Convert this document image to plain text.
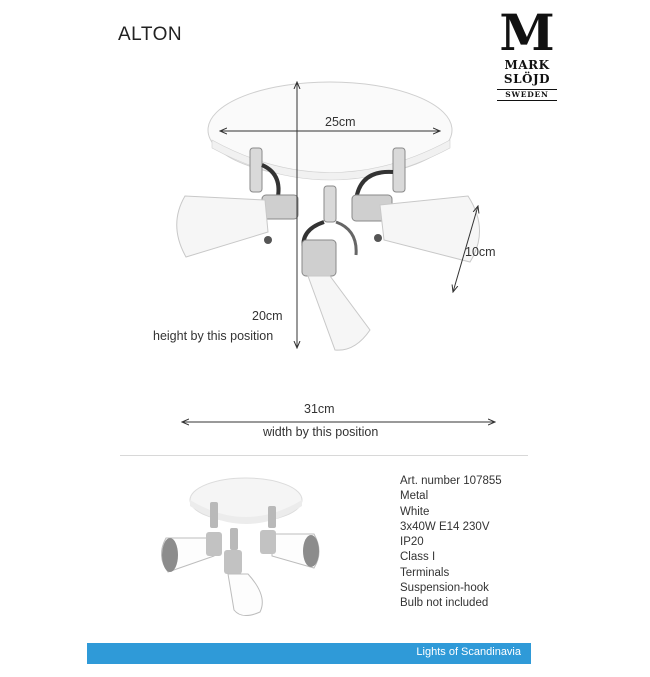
ALTON	M
MARK
SLÖJD
SWEDEN
25cm
10cm
20cm
height by this position
31cm
width by this position
Art. number 107855
Metal
White
3x40W E14 230V
IP20
Class I
Terminals
Suspension-hook
Bulb not included
Lights of Scandinavia
